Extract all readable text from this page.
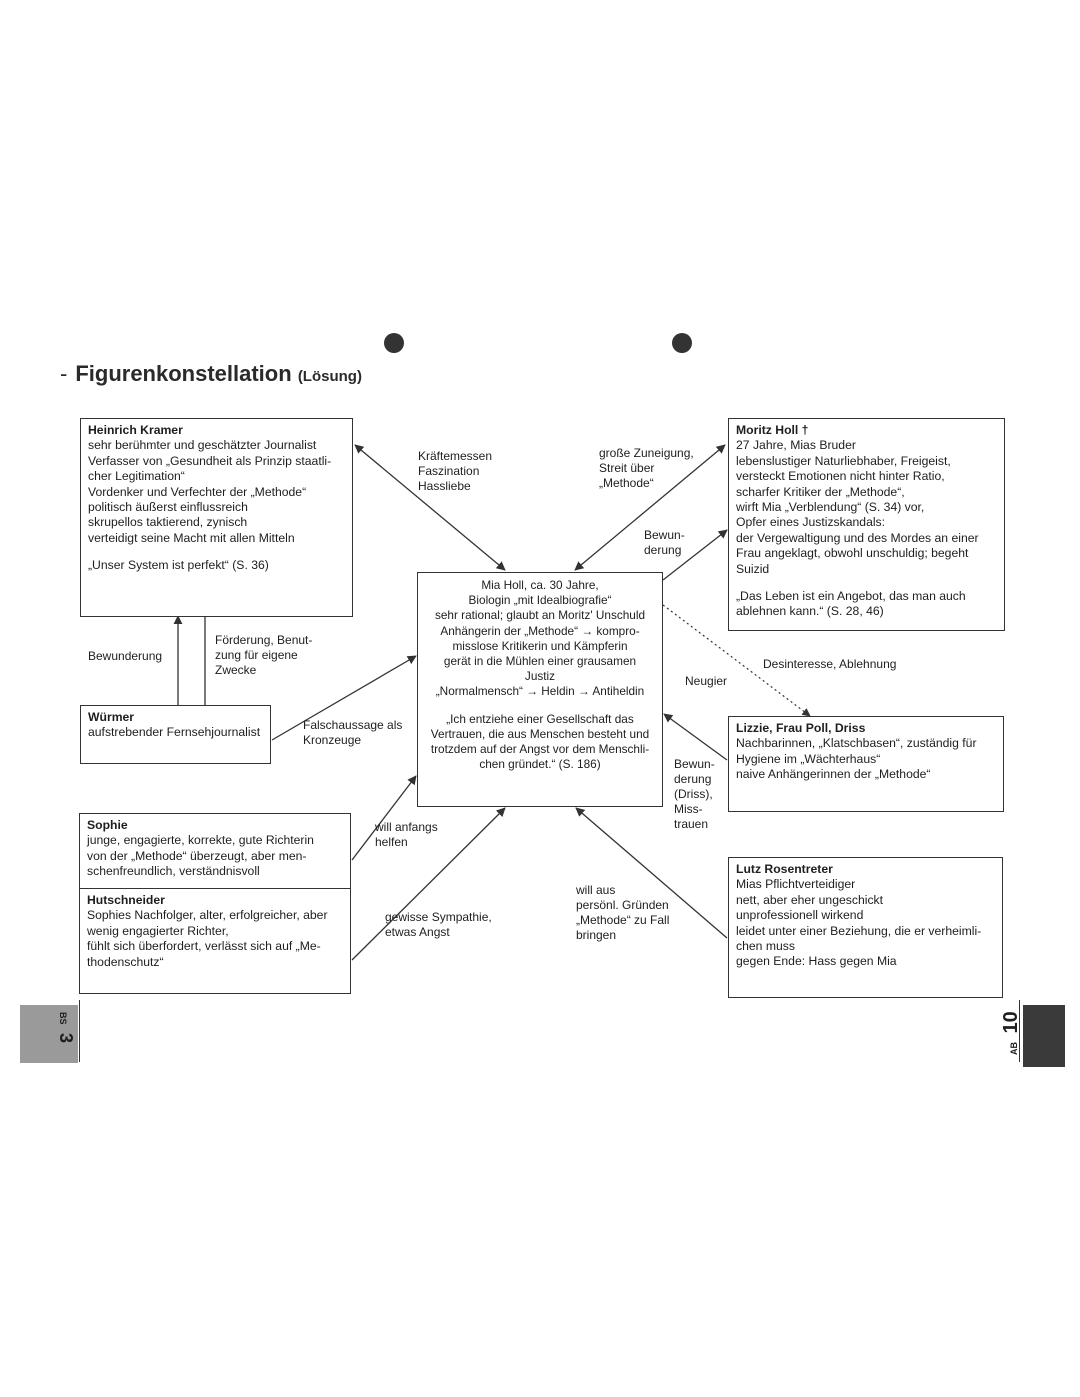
- Figurenkonstellation (Lösung)
Heinrich Kramer
sehr berühmter und geschätzter Journalist
Verfasser von „Gesundheit als Prinzip staatli-
cher Legitimation“
Vordenker und Verfechter der „Methode“
politisch äußerst einflussreich
skrupellos taktierend, zynisch
verteidigt seine Macht mit allen Mitteln
„Unser System ist perfekt“ (S. 36)
Moritz Holl †
27 Jahre, Mias Bruder
lebenslustiger Naturliebhaber, Freigeist,
versteckt Emotionen nicht hinter Ratio,
scharfer Kritiker der „Methode“,
wirft Mia „Verblendung“ (S. 34) vor,
Opfer eines Justizskandals:
der Vergewaltigung und des Mordes an einer
Frau angeklagt, obwohl unschuldig; begeht
Suizid
„Das Leben ist ein Angebot, das man auch
ablehnen kann.“ (S. 28, 46)
Mia Holl, ca. 30 Jahre,
Biologin „mit Idealbiografie“
sehr rational; glaubt an Moritz' Unschuld
Anhängerin der „Methode“ → kompro-
misslose Kritikerin und Kämpferin
gerät in die Mühlen einer grausamen
Justiz
„Normalmensch“ → Heldin → Antiheldin
„Ich entziehe einer Gesellschaft das
Vertrauen, die aus Menschen besteht und
trotzdem auf der Angst vor dem Menschli-
chen gründet.“ (S. 186)
Würmer
aufstrebender Fernsehjournalist	Lizzie, Frau Poll, Driss
Nachbarinnen, „Klatschbasen“, zuständig für
Hygiene im „Wächterhaus“
naive Anhängerinnen der „Methode“
Sophie
junge, engagierte, korrekte, gute Richterin
von der „Methode“ überzeugt, aber men-
schenfreundlich, verständnisvoll
Hutschneider
Sophies Nachfolger, alter, erfolgreicher, aber
wenig engagierter Richter,
fühlt sich überfordert, verlässt sich auf „Me-
thodenschutz“
Lutz Rosentreter
Mias Pflichtverteidiger
nett, aber eher ungeschickt
unprofessionell wirkend
leidet unter einer Beziehung, die er verheimli-
chen muss
gegen Ende: Hass gegen Mia
Kräftemessen
Faszination
Hassliebe
große Zuneigung,
Streit über
„Methode“
Bewun-
derung
Bewunderung
Förderung, Benut-
zung für eigene
Zwecke	Desinteresse, Ablehnung
Neugier
Falschaussage als
Kronzeuge
Bewun-
derung
(Driss),
Miss-
trauen
will anfangs
helfen
gewisse Sympathie,
etwas Angst
will aus
persönl. Gründen
„Methode“ zu Fall
bringen
BS 3
AB 10
